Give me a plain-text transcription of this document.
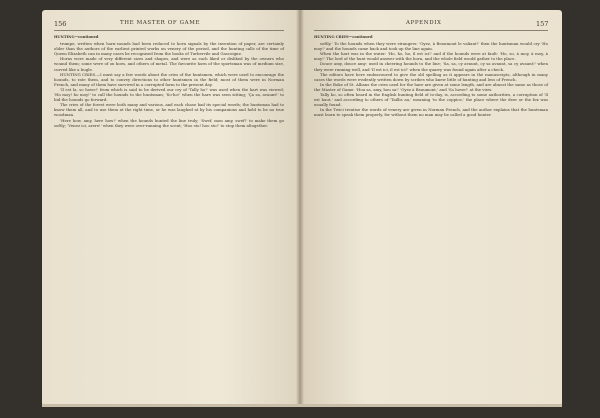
156	THE MASTER OF GAME
HUNTING—continued

trumpe, written when horn-sounds had been reduced to horn signals by the invention of paper, are certainly older than the authors of the earliest printed works on venery of the period, and the hunting calls of the time of Queen Elizabeth can in many cases be recognised from the books of Turbervile and Gascoigne.

Horns were made of very different sizes and shapes, and were as such liked or disliked by the owners who wound them; some were of ox horn, and others of metal. The favourite horn of the sportsman was of medium size, curved like a bugle.

HUNTING CRIES.—I must say a few words about the cries of the huntsmen, which were used to encourage the hounds, to rate them, and to convey directions to other huntsmen in the field; most of them were in Norman French, and many of them have survived in a corrupted form to the present day.

'Il est la, so howe!' from which is said to be derived our cry of 'Tally ho!' was used when the hart was viewed; 'Ho moy! ho moy!' to call the hounds to the huntsman; 'So-ho!' when the hare was seen sitting; 'Ça sa, avaunt!' to bid the hounds go forward.

The cries of the forest were both many and various, and each chase had its special words; the huntsman had to know them all, and to use them at the right time, or he was laughed at by his companions and held to be no true woodman.

'Here how, amy, here how!' when the hounds hunted the line truly; 'Swef, mon amy, swef!' to make them go softly; 'Venez ici, arere!' when they were over-running the scent; 'Hoo sto! hoo sto!' to stop them altogether.

APPENDIX	157
HUNTING CRIES—continued

softly.' To the hounds when they were strangers: 'Oyez, à Beaumont le valiant!' then the huntsman would cry 'Ho moy!' and the hounds came back and took up the line again.

When the hart was in the water: 'Ho, ho, ho, il est ici!' and if the hounds were at fault: 'Ho, so, à moy, à moy, à moy!' The lord of the hunt would answer with the horn, and the whole field would gather to the place.

Douce amy, douce amy: used in cheering hounds to the line; 'Sa, sa, cy avaunt, cy sa avaunt, sa cy avaunt!' when they were running well, and 'Il est ici, il est ici!' when the quarry was found again after a check.

The editors have here endeavoured to give the old spelling as it appears in the manuscripts, although in many cases the words were evidently written down by scribes who knew little of hunting and less of French.

In the Boke of St. Albans the cries used for the hare are given at some length, and are almost the same as those of the Master of Game: 'Hou sa, amy, hou sa!' 'Oyez à Beaumont,' and 'So howe!' at the view.

Tally ho, so often heard in the English hunting field of to-day, is, according to some authorities, a corruption of 'Il est haut,' and according to others of 'Taillis au,' meaning 'to the coppice,' the place where the deer or the fox was usually found.

In the Twici treatise the words of venery are given in Norman French, and the author explains that the huntsman must learn to speak them properly, for without them no man may be called a good hunter.
